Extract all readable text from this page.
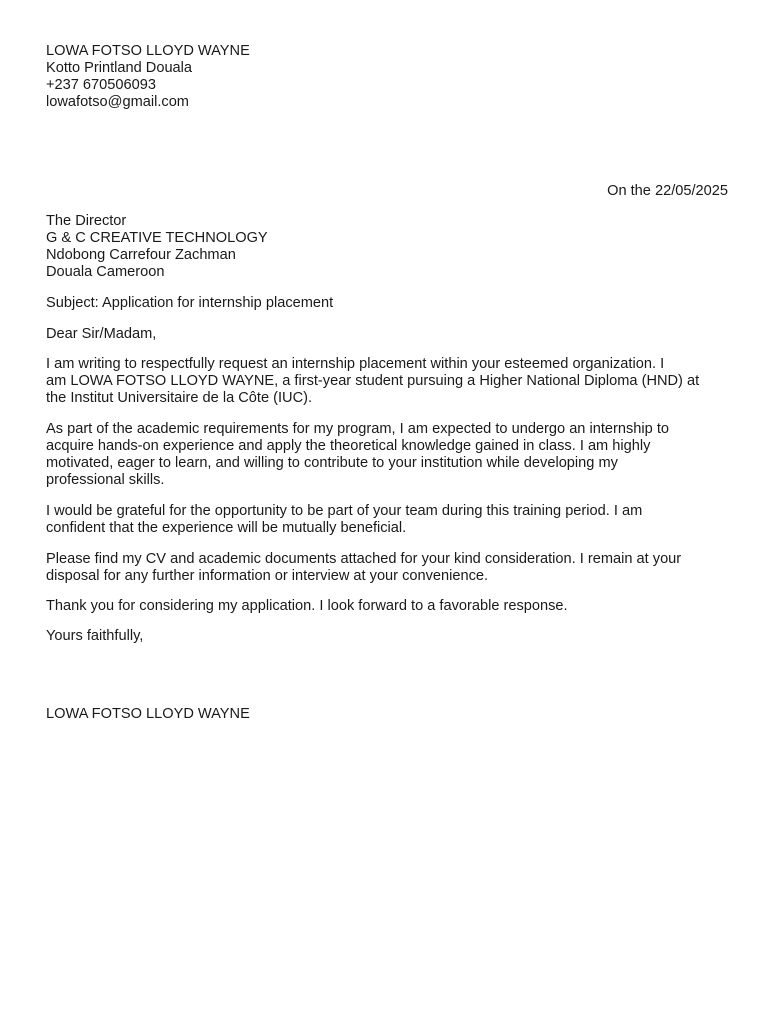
LOWA FOTSO LLOYD WAYNE
Kotto Printland Douala
+237 670506093
lowafotso@gmail.com
On the 22/05/2025
The Director
G & C CREATIVE TECHNOLOGY
Ndobong Carrefour Zachman
Douala Cameroon
Subject: Application for internship placement
Dear Sir/Madam,
I am writing to respectfully request an internship placement within your esteemed organization. I
am LOWA FOTSO LLOYD WAYNE, a first-year student pursuing a Higher National Diploma (HND) at
the Institut Universitaire de la Côte (IUC).
As part of the academic requirements for my program, I am expected to undergo an internship to
acquire hands-on experience and apply the theoretical knowledge gained in class. I am highly
motivated, eager to learn, and willing to contribute to your institution while developing my
professional skills.
I would be grateful for the opportunity to be part of your team during this training period. I am
confident that the experience will be mutually beneficial.
Please find my CV and academic documents attached for your kind consideration. I remain at your
disposal for any further information or interview at your convenience.
Thank you for considering my application. I look forward to a favorable response.
Yours faithfully,
LOWA FOTSO LLOYD WAYNE
